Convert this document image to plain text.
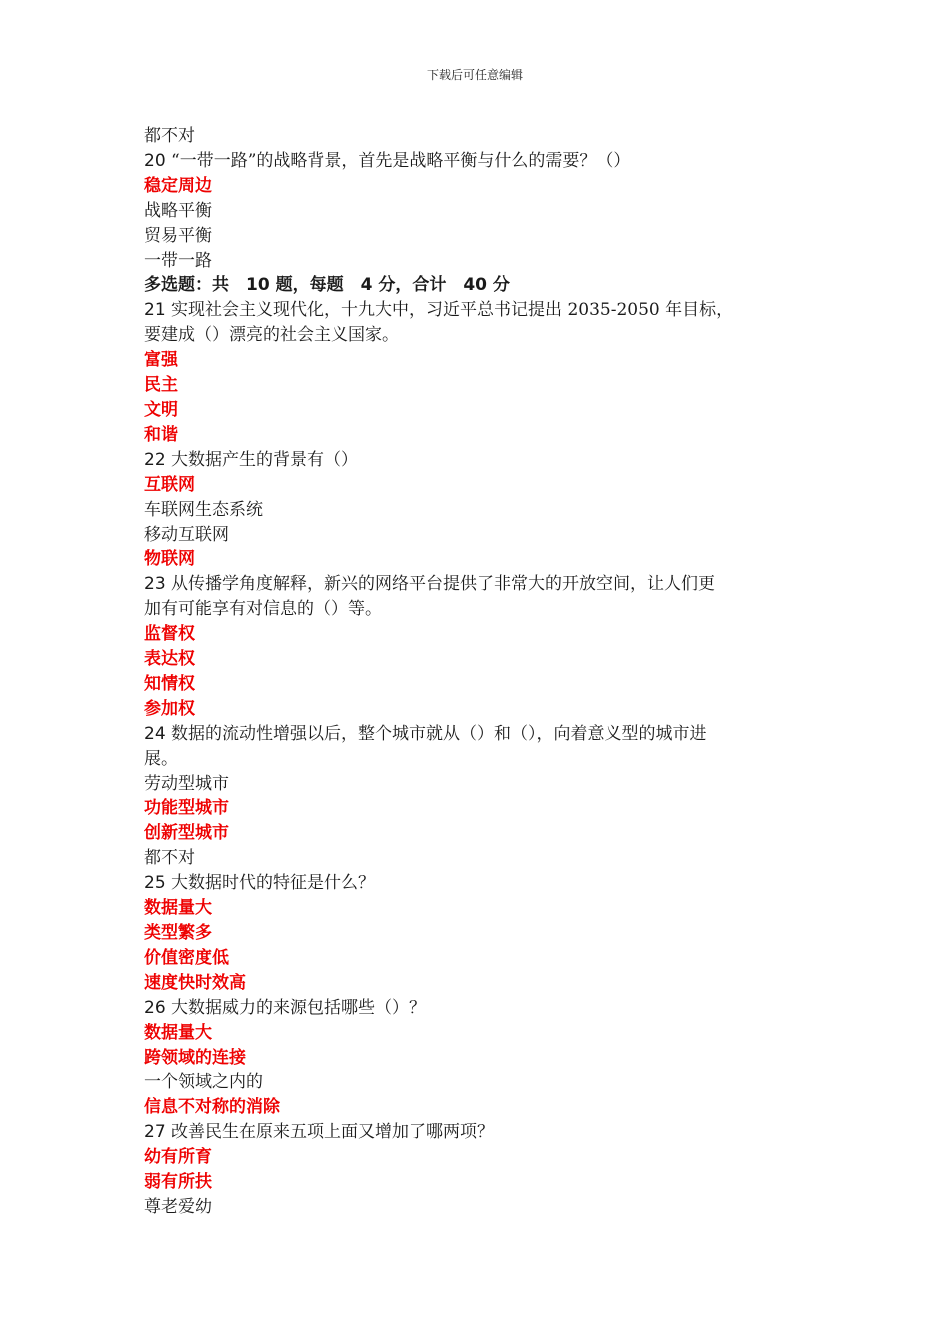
下载后可任意编辑
都不对
20 “一带一路”的战略背景，首先是战略平衡与什么的需要？（）
稳定周边
战略平衡
贸易平衡
一带一路
多选题：共　10 题，每题　4 分，合计　40 分
21 实现社会主义现代化，十九大中，习近平总书记提出 2035-2050 年目标，
要建成（）漂亮的社会主义国家。
富强
民主
文明
和谐
22 大数据产生的背景有（）
互联网
车联网生态系统
移动互联网
物联网
23 从传播学角度解释，新兴的网络平台提供了非常大的开放空间，让人们更
加有可能享有对信息的（）等。
监督权
表达权
知情权
参加权
24 数据的流动性增强以后，整个城市就从（）和（），向着意义型的城市进
展。
劳动型城市
功能型城市
创新型城市
都不对
25 大数据时代的特征是什么？
数据量大
类型繁多
价值密度低
速度快时效高
26 大数据威力的来源包括哪些（）？
数据量大
跨领域的连接
一个领域之内的
信息不对称的消除
27 改善民生在原来五项上面又增加了哪两项？
幼有所育
弱有所扶
尊老爱幼
